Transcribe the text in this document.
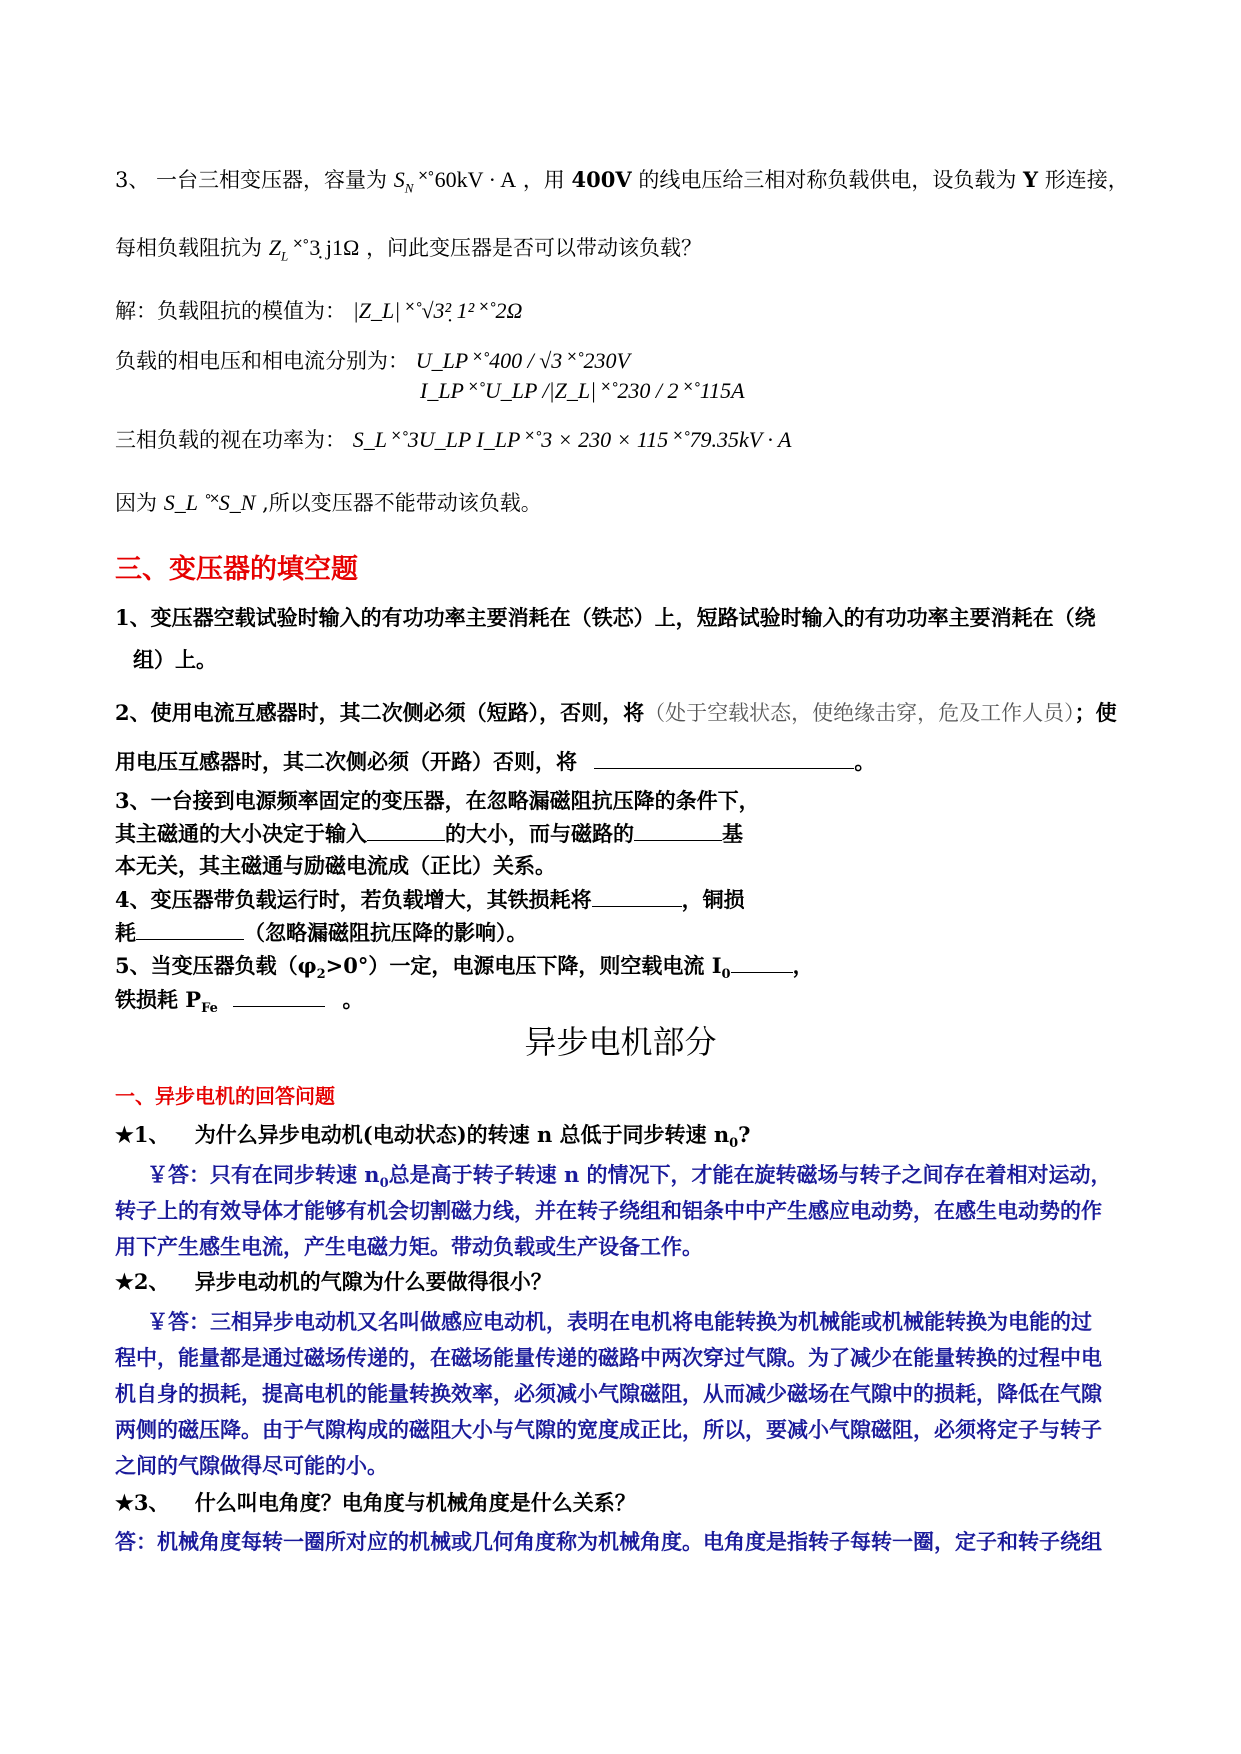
3、 一台三相变压器，容量为 $S_N$ ˟˚60kV · A ，用 400V 的线电压给三相对称负载供电，设负载为 Y 形连接，
每相负载阻抗为 $Z_L$ ˟˚3̣ j1Ω ，问此变压器是否可以带动该负载？
解：负载阻抗的模值为： |Z_L| ˟˚√3²̣ 1² ˟˚2Ω
负载的相电压和相电流分别为： U_LP ˟˚400 / √3 ˟˚230V
I_LP ˟˚U_LP /|Z_L| ˟˚230 / 2 ˟˚115A
三相负载的视在功率为： S_L ˟˚3U_LP I_LP ˟˚3 × 230 × 115 ˟˚79.35kV · A
因为 S_L ˚˟S_N ,所以变压器不能带动该负载。
三、变压器的填空题
1、变压器空载试验时输入的有功功率主要消耗在（铁芯）上，短路试验时输入的有功功率主要消耗在（绕
组）上。
2、使用电流互感器时，其二次侧必须（短路），否则，将（处于空载状态，使绝缘击穿，危及工作人员）；使
用电压互感器时，其二次侧必须（开路）否则，将	。
3、一台接到电源频率固定的变压器，在忽略漏磁阻抗压降的条件下，
其主磁通的大小决定于输入	的大小，而与磁路的	基
本无关，其主磁通与励磁电流成（正比）关系。
4、变压器带负载运行时，若负载增大，其铁损耗将	，铜损
耗	（忽略漏磁阻抗压降的影响）。
5、当变压器负载$(\varphi_2>0^\circ)$一定，电源电压下降，则空载电流 $I_0$	，
铁损耗 $P_{Fe}$	。
异步电机部分
一、异步电机的回答问题
★1、 为什么异步电动机(电动状态)的转速 n 总低于同步转速 $n_0$?
￥答：只有在同步转速 $n_0$总是高于转子转速 n 的情况下，才能在旋转磁场与转子之间存在着相对运动，
转子上的有效导体才能够有机会切割磁力线，并在转子绕组和铝条中中产生感应电动势，在感生电动势的作
用下产生感生电流，产生电磁力矩。带动负载或生产设备工作。
★2、 异步电动机的气隙为什么要做得很小？
￥答：三相异步电动机又名叫做感应电动机，表明在电机将电能转换为机械能或机械能转换为电能的过
程中，能量都是通过磁场传递的，在磁场能量传递的磁路中两次穿过气隙。为了减少在能量转换的过程中电
机自身的损耗，提高电机的能量转换效率，必须减小气隙磁阻，从而减少磁场在气隙中的损耗，降低在气隙
两侧的磁压降。由于气隙构成的磁阻大小与气隙的宽度成正比，所以，要减小气隙磁阻，必须将定子与转子
之间的气隙做得尽可能的小。
★3、 什么叫电角度？电角度与机械角度是什么关系？
答：机械角度每转一圈所对应的机械或几何角度称为机械角度。电角度是指转子每转一圈，定子和转子绕组
